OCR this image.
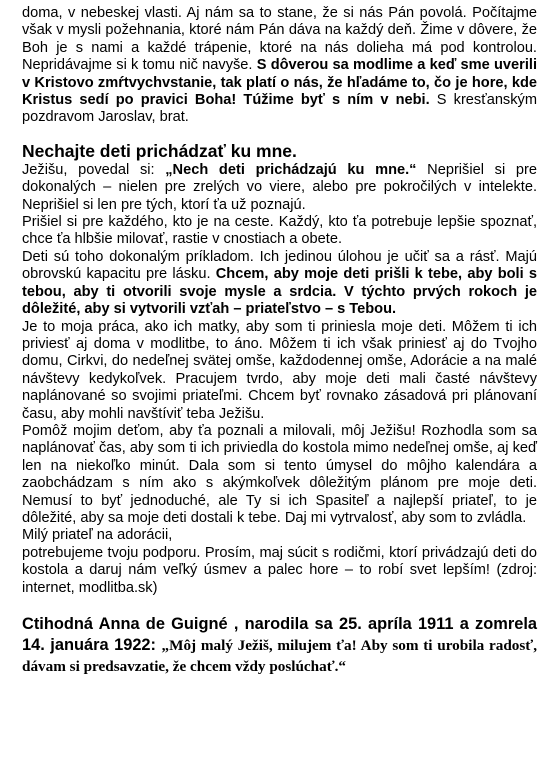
doma, v nebeskej vlasti. Aj nám sa to stane, že si nás Pán povolá. Počítajme však v mysli požehnania, ktoré nám Pán dáva na každý deň. Žime v dôvere, že Boh je s nami a každé trápenie, ktoré na nás dolieha má pod kontrolou. Nepridávajme si k tomu nič navyše. S dôverou sa modlime a keď sme uverili v Kristovo zmŕtvychvstanie, tak platí o nás, že hľadáme to, čo je hore, kde Kristus sedí po pravici Boha! Túžime byť s ním v nebi. S kresťanským pozdravom Jaroslav, brat.

Nechajte deti prichádzať ku mne.

Ježišu, povedal si: „Nech deti prichádzajú ku mne.“ Neprišiel si pre dokonalých – nielen pre zrelých vo viere, alebo pre pokročilých v intelekte. Neprišiel si len pre tých, ktorí ťa už poznajú.

Prišiel si pre každého, kto je na ceste. Každý, kto ťa potrebuje lepšie spoznať, chce ťa hlbšie milovať, rastie v cnostiach a obete.

Deti sú toho dokonalým príkladom. Ich jedinou úlohou je učiť sa a rásť. Majú obrovskú kapacitu pre lásku. Chcem, aby moje deti prišli k tebe, aby boli s tebou, aby ti otvorili svoje mysle a srdcia. V týchto prvých rokoch je dôležité, aby si vytvorili vzťah – priateľstvo – s Tebou.

Je to moja práca, ako ich matky, aby som ti priniesla moje deti. Môžem ti ich priviesť aj doma v modlitbe, to áno. Môžem ti ich však priniesť aj do Tvojho domu, Cirkvi, do nedeľnej svätej omše, každodennej omše, Adorácie a na malé návštevy kedykoľvek. Pracujem tvrdo, aby moje deti mali časté návštevy naplánované so svojimi priateľmi. Chcem byť rovnako zásadová pri plánovaní času, aby mohli navštíviť teba Ježišu.

Pomôž mojim deťom, aby ťa poznali a milovali, môj Ježišu! Rozhodla som sa naplánovať čas, aby som ti ich priviedla do kostola mimo nedeľnej omše, aj keď len na niekoľko minút. Dala som si tento úmysel do môjho kalendára a zaobchádzam s ním ako s akýmkoľvek dôležitým plánom pre moje deti. Nemusí to byť jednoduché, ale Ty si ich Spasiteľ a najlepší priateľ, to je dôležité, aby sa moje deti dostali k tebe. Daj mi vytrvalosť, aby som to zvládla.

Milý priateľ na adorácii,

potrebujeme tvoju podporu. Prosím, maj súcit s rodičmi, ktorí privádzajú deti do kostola a daruj nám veľký úsmev a palec hore – to robí svet lepším! (zdroj: internet, modlitba.sk)

Ctihodná Anna de Guigné , narodila sa 25. apríla 1911 a zomrela 14. januára 1922: „Môj malý Ježiš, milujem ťa! Aby som ti urobila radosť, dávam si predsavzatie, že chcem vždy poslúchať.“
